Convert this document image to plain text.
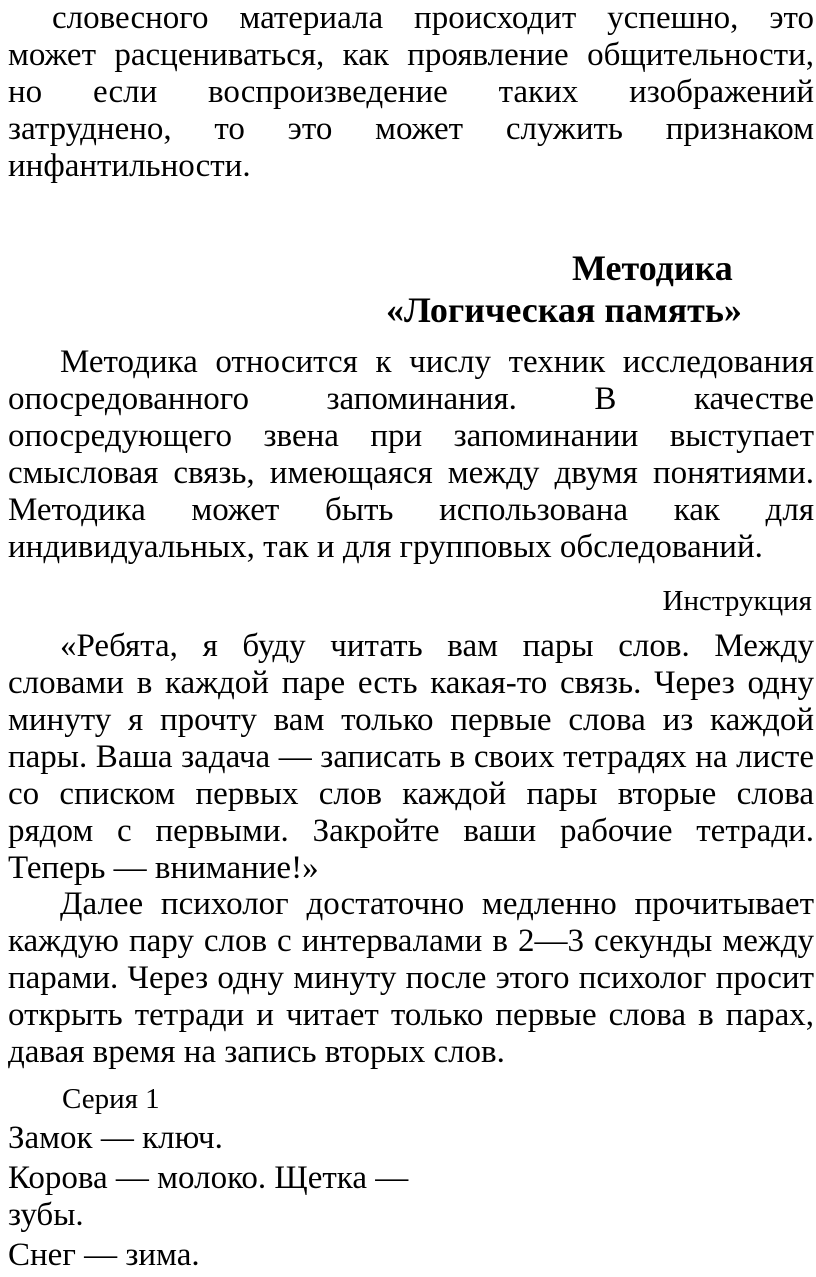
словесного материала происходит успешно, это может расцениваться, как проявление общительности, но если воспроизведение таких изображений затруднено, то это может служить признаком инфантильности.

Методика
«Логическая память»

Методика относится к числу техник исследования опосредованного запоминания. В качестве опосредующего звена при запоминании выступает смысловая связь, имеющаяся между двумя понятиями. Методика может быть использована как для индивидуальных, так и для групповых обследований.

Инструкция

«Ребята, я буду читать вам пары слов. Между словами в каждой паре есть какая-то связь. Через одну минуту я прочту вам только первые слова из каждой пары. Ваша задача — записать в своих тетрадях на листе со списком первых слов каждой пары вторые слова рядом с первыми. Закройте ваши рабочие тетради. Теперь — внимание!»

Далее психолог достаточно медленно прочитывает каждую пару слов с интервалами в 2—3 секунды между парами. Через одну минуту после этого психолог просит открыть тетради и читает только первые слова в парах, давая время на запись вторых слов.

Серия 1

Замок — ключ.
Корова — молоко. Щетка — зубы.
Снег — зима.
